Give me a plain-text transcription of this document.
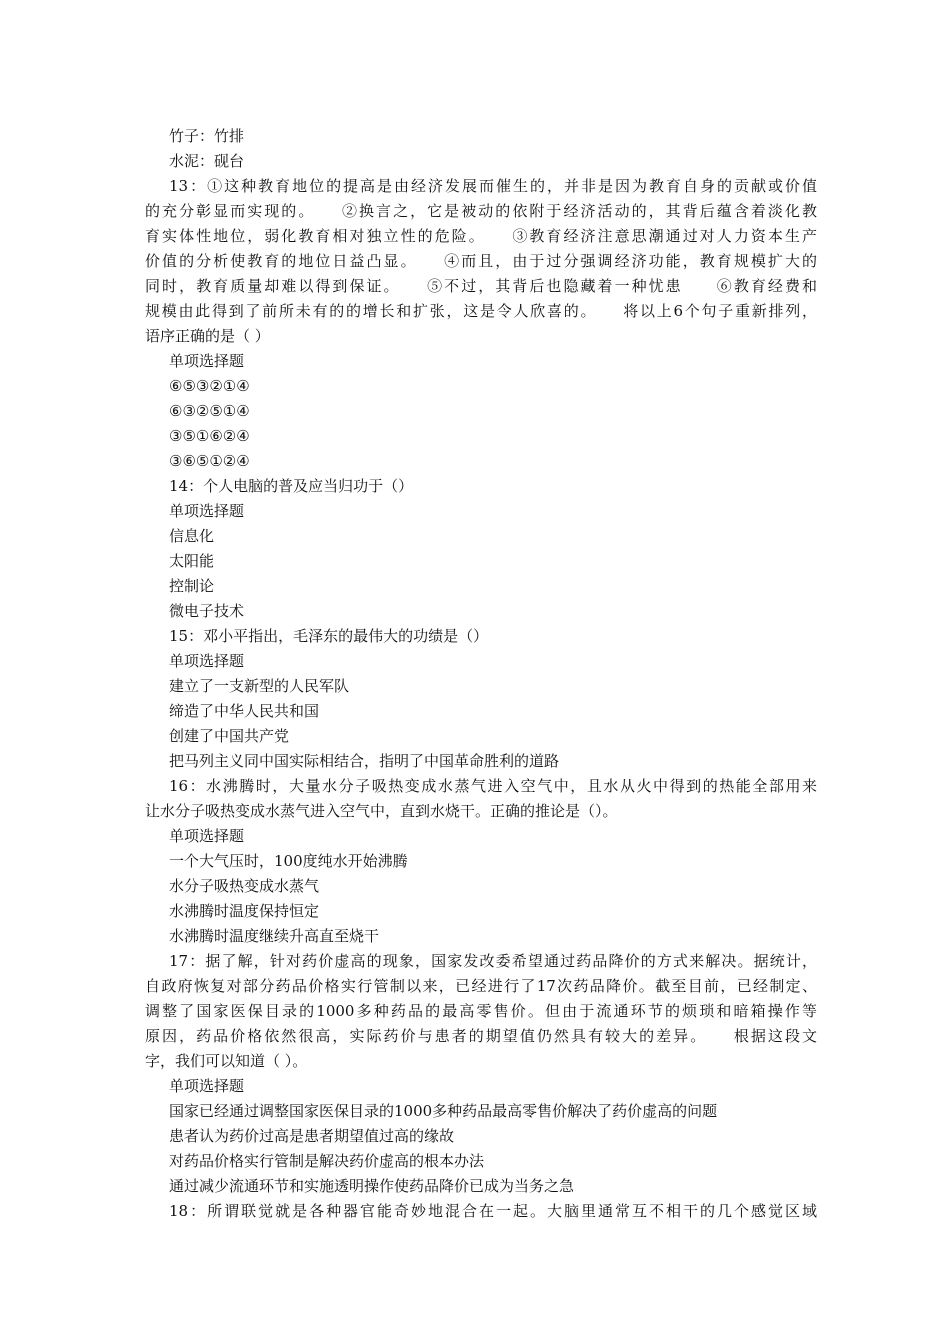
竹子：竹排
水泥：砚台
13：①这种教育地位的提高是由经济发展而催生的，并非是因为教育自身的贡献或价值
的充分彰显而实现的。　　②换言之，它是被动的依附于经济活动的，其背后蕴含着淡化教
育实体性地位，弱化教育相对独立性的危险。　　③教育经济注意思潮通过对人力资本生产
价值的分析使教育的地位日益凸显。　　④而且，由于过分强调经济功能，教育规模扩大的
同时，教育质量却难以得到保证。　　⑤不过，其背后也隐藏着一种忧患　　⑥教育经费和
规模由此得到了前所未有的的增长和扩张，这是令人欣喜的。　　将以上6个句子重新排列，
语序正确的是（ ）
单项选择题
⑥⑤③②①④
⑥③②⑤①④
③⑤①⑥②④
③⑥⑤①②④
14：个人电脑的普及应当归功于（）
单项选择题
信息化
太阳能
控制论
微电子技术
15：邓小平指出，毛泽东的最伟大的功绩是（）
单项选择题
建立了一支新型的人民军队
缔造了中华人民共和国
创建了中国共产党
把马列主义同中国实际相结合，指明了中国革命胜利的道路
16：水沸腾时，大量水分子吸热变成水蒸气进入空气中，且水从火中得到的热能全部用来
让水分子吸热变成水蒸气进入空气中，直到水烧干。正确的推论是（）。
单项选择题
一个大气压时，100度纯水开始沸腾
水分子吸热变成水蒸气
水沸腾时温度保持恒定
水沸腾时温度继续升高直至烧干
17：据了解，针对药价虚高的现象，国家发改委希望通过药品降价的方式来解决。据统计，
自政府恢复对部分药品价格实行管制以来，已经进行了17次药品降价。截至目前，已经制定、
调整了国家医保目录的1000多种药品的最高零售价。但由于流通环节的烦琐和暗箱操作等
原因，药品价格依然很高，实际药价与患者的期望值仍然具有较大的差异。　　根据这段文
字，我们可以知道（ ）。
单项选择题
国家已经通过调整国家医保目录的1000多种药品最高零售价解决了药价虚高的问题
患者认为药价过高是患者期望值过高的缘故
对药品价格实行管制是解决药价虚高的根本办法
通过减少流通环节和实施透明操作使药品降价已成为当务之急
18：所谓联觉就是各种器官能奇妙地混合在一起。大脑里通常互不相干的几个感觉区域
